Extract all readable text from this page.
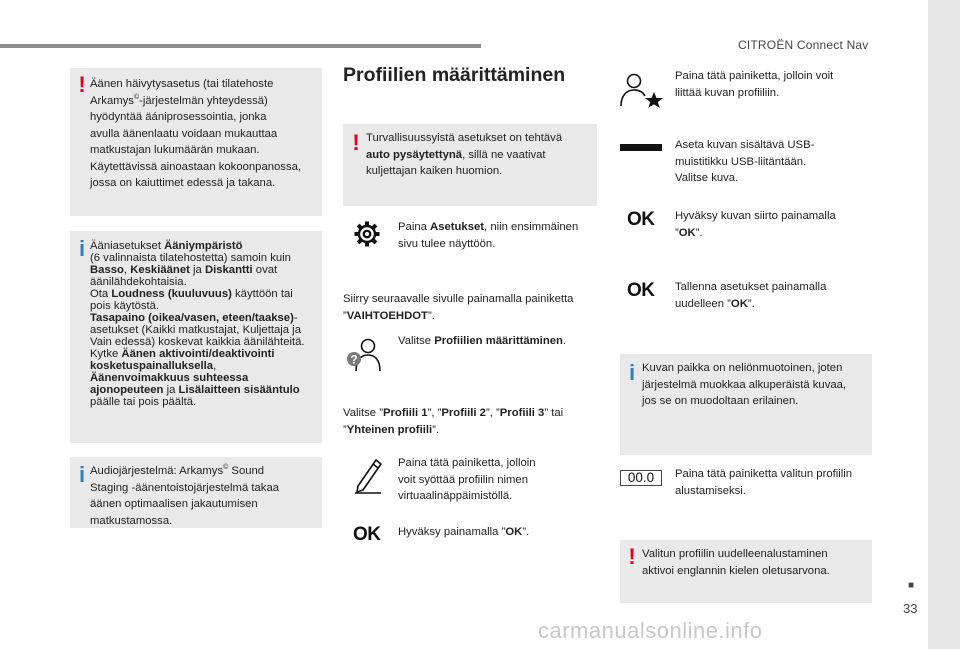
CITROËN Connect Nav
■
33
carmanualsonline.info
! Äänen häivytysasetus (tai tilatehoste
Arkamys©-järjestelmän yhteydessä)
hyödyntää äániprosessointia, jonka
avulla äänenlaatu voidaan mukauttaa
matkustajan lukumäärän mukaan.
Käytettävissä ainoastaan kokoonpanossa,
jossa on kaiuttimet edessä ja takana.
i Ääniasetukset Ääniympäristö
(6 valinnaista tilatehostetta) samoin kuin
Basso, Keskiäänet ja Diskantti ovat
äänilähdekohtaisia.
Ota Loudness (kuuluvuus) käyttöön tai
pois käytöstä.
Tasapaino (oikea/vasen, eteen/taakse)-
asetukset (Kaikki matkustajat, Kuljettaja ja
Vain edessä) koskevat kaikkia äänilähteitä.
Kytke Äänen aktivointi/deaktivointi
kosketuspainalluksella,
Äänenvoimakkuus suhteessa
ajonopeuteen ja Lisälaitteen sisääntulo
päälle tai pois päältä.
i Audiojärjestelmä: Arkamys© Sound
Staging -äänentoistojärjestelmä takaa
äänen optimaalisen jakautumisen
matkustamossa.
Profiilien määrittäminen
! Turvallisuussyistä asetukset on tehtävä
auto pysäytettynä, sillä ne vaativat
kuljettajan kaiken huomion.
Paina Asetukset, niin ensimmäinen
sivu tulee näyttöön.
Siirry seuraavalle sivulle painamalla painiketta
”VAIHTOEHDOT”.
?
Valitse Profiilien määrittäminen.
Valitse ”Profiili 1”, ”Profiili 2”, ”Profiili 3” tai
”Yhteinen profiili”.
Paina tätä painiketta, jolloin
voit syöttää profiilin nimen
virtuaalinäppäimistöllä.
OK Hyväksy painamalla ”OK”.
Paina tätä painiketta, jolloin voit
liittää kuvan profiiliin.
Aseta kuvan sisältävä USB-
muistitikku USB-liitäntään.
Valitse kuva.
OK Hyväksy kuvan siirto painamalla
”OK”.
OK Tallenna asetukset painamalla
uudelleen ”OK”.
i Kuvan paikka on neliönmuotoinen, joten
järjestelmä muokkaa alkuperäistä kuvaa,
jos se on muodoltaan erilainen.
00.0	Paina tätä painiketta valitun profiilin
alustamiseksi.
! Valitun profiilin uudelleenalustaminen
aktivoi englannin kielen oletusarvona.
